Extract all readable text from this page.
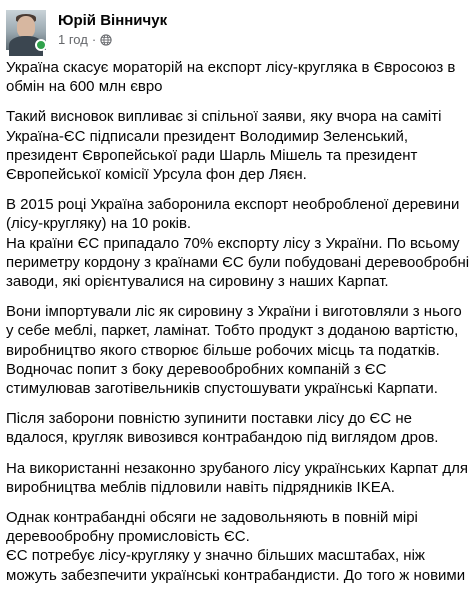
Юрій Вінничук
1 год ·

Україна скасує мораторій на експорт лісу-кругляка в Євросоюз в обмін на 600 млн євро

Такий висновок випливає зі спільної заяви, яку вчора на саміті Україна-ЄС підписали президент Володимир Зеленський, президент Європейської ради Шарль Мішель та президент Європейської комісії Урсула фон дер Ляєн.

В 2015 році Україна заборонила експорт необробленої деревини (лісу-кругляку) на 10 років.
На країни ЄС припадало 70% експорту лісу з України. По всьому периметру кордону з країнами ЄС були побудовані деревообробні заводи, які орієнтувалися на сировину з наших Карпат.

Вони імпортували ліс як сировину з України і виготовляли з нього у себе меблі, паркет, ламінат. Тобто продукт з доданою вартістю, виробництво якого створює більше робочих місць та податків.
Водночас попит з боку деревообробних компаній з ЄС стимулював заготівельників спустошувати українські Карпати.

Після заборони повністю зупинити поставки лісу до ЄС не вдалося, кругляк вивозився контрабандою під виглядом дров.

На використанні незаконно зрубаного лісу українських Карпат для виробництва меблів підловили навіть підрядників IKEA.

Однак контрабандні обсяги не задовольняють в повній мірі деревообробну промисловість ЄС.
ЄС потребує лісу-кругляку у значно більших масштабах, ніж можуть забезпечити українські контрабандисти. До того ж новими
